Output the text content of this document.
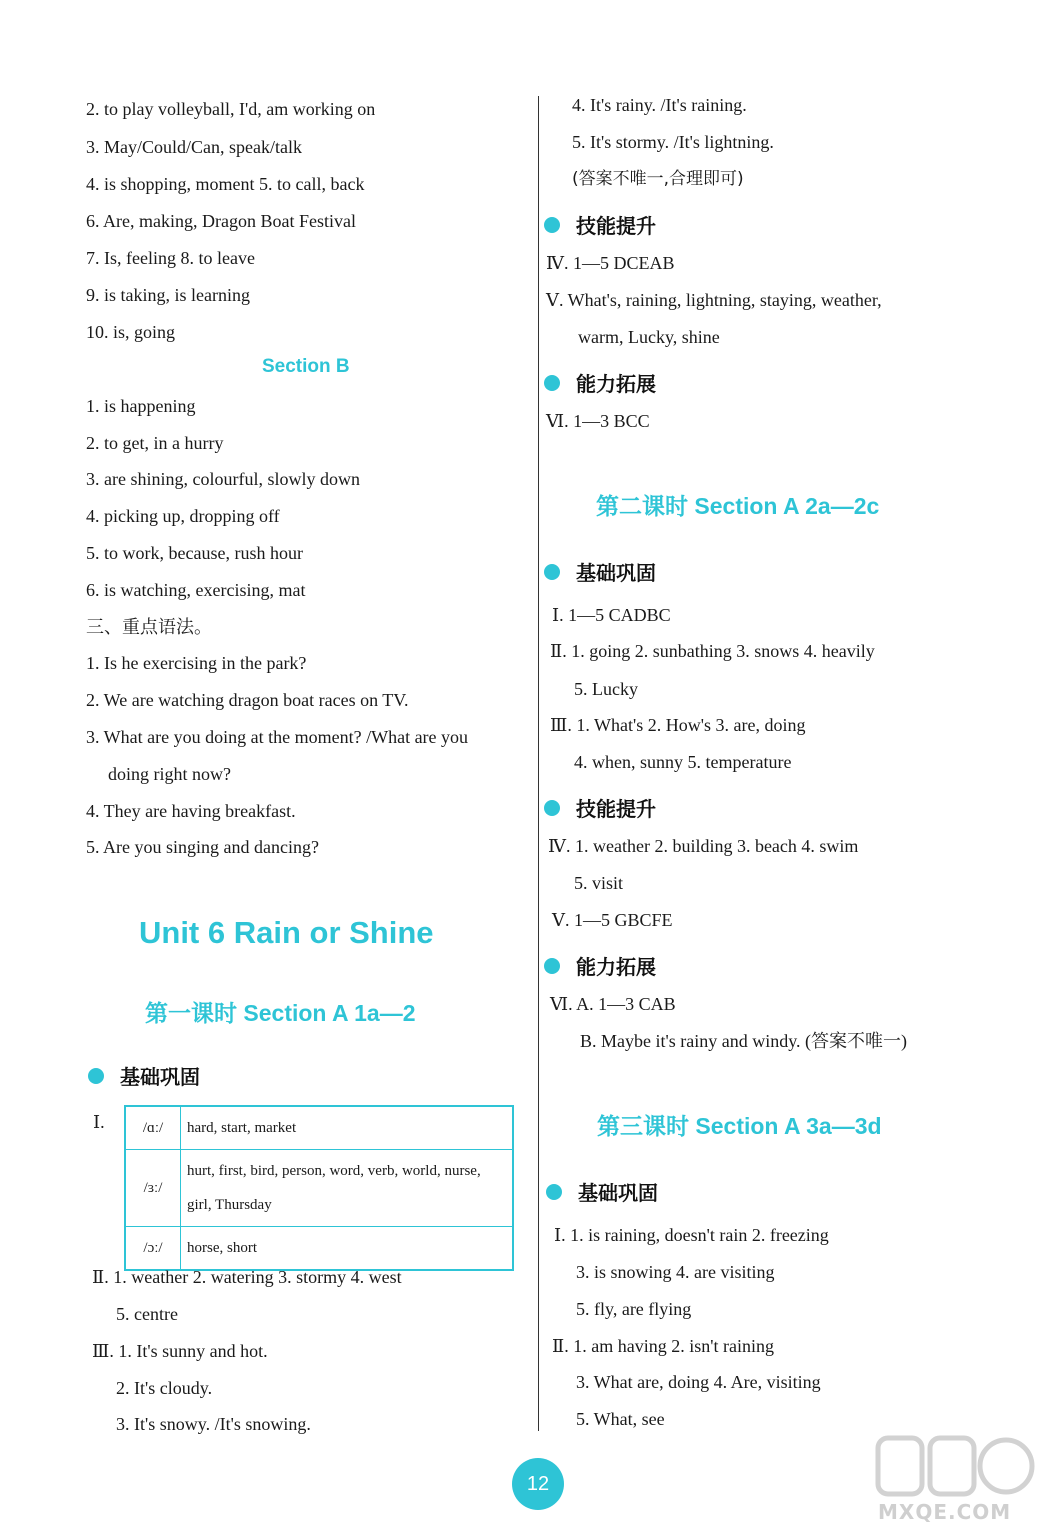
2. to play volleyball, I'd, am working on
3. May/Could/Can, speak/talk
4. is shopping, moment 5. to call, back
6. Are, making, Dragon Boat Festival
7. Is, feeling 8. to leave
9. is taking, is learning
10. is, going
Section B
1. is happening
2. to get, in a hurry
3. are shining, colourful, slowly down
4. picking up, dropping off
5. to work, because, rush hour
6. is watching, exercising, mat
三、重点语法。
1. Is he exercising in the park?
2. We are watching dragon boat races on TV.
3. What are you doing at the moment? /What are you
doing right now?
4. They are having breakfast.
5. Are you singing and dancing?
Unit 6 Rain or Shine
第一课时 Section A 1a—2
基础巩固
Ⅰ.	/ɑː/	hard, start, market
/ɜː/	hurt, first, bird, person, word, verb, world, nurse, girl, Thursday
/ɔː/	horse, short
Ⅱ. 1. weather 2. watering 3. stormy 4. west
5. centre
Ⅲ. 1. It's sunny and hot.
2. It's cloudy.
3. It's snowy. /It's snowing.
4. It's rainy. /It's raining.
5. It's stormy. /It's lightning.
(答案不唯一,合理即可)
技能提升
Ⅳ. 1—5 DCEAB
Ⅴ. What's, raining, lightning, staying, weather,
warm, Lucky, shine
能力拓展
Ⅵ. 1—3 BCC
第二课时 Section A 2a—2c
基础巩固
Ⅰ. 1—5 CADBC
Ⅱ. 1. going 2. sunbathing 3. snows 4. heavily
5. Lucky
Ⅲ. 1. What's 2. How's 3. are, doing
4. when, sunny 5. temperature
技能提升
Ⅳ. 1. weather 2. building 3. beach 4. swim
5. visit
Ⅴ. 1—5 GBCFE
能力拓展
Ⅵ. A. 1—3 CAB
B. Maybe it's rainy and windy. (答案不唯一)
第三课时 Section A 3a—3d
基础巩固
Ⅰ. 1. is raining, doesn't rain 2. freezing
3. is snowing 4. are visiting
5. fly, are flying
Ⅱ. 1. am having 2. isn't raining
3. What are, doing 4. Are, visiting
5. What, see
12
MXQE.COM
